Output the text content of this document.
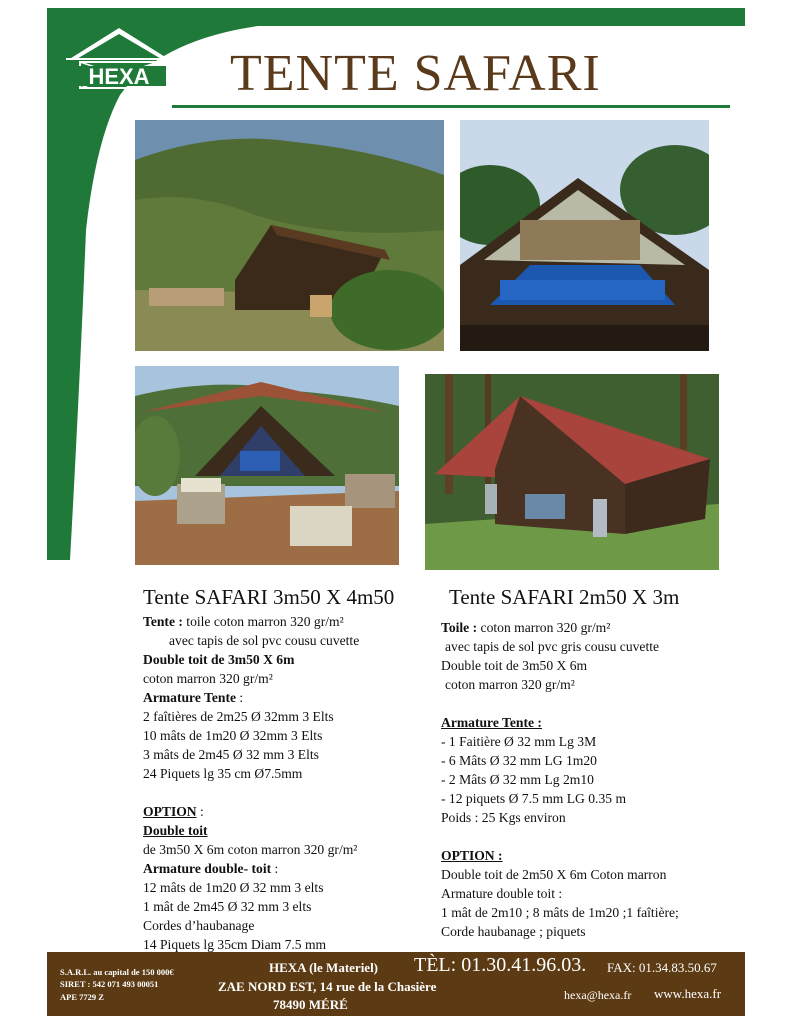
HEXA
LE MATERIEL TENTE SAFARI
Tente SAFARI 3m50 X 4m50	Tente SAFARI 2m50 X 3m
Tente : toile coton marron 320 gr/m²
avec tapis de sol pvc cousu cuvette
Double toit de 3m50 X 6m
coton marron 320 gr/m²
Armature Tente :
2 faîtières de 2m25 Ø 32mm 3 Elts
10 mâts de 1m20 Ø 32mm 3 Elts
3 mâts de 2m45 Ø 32 mm 3 Elts
24 Piquets lg 35 cm Ø7.5mm
OPTION :
Double toit
de 3m50 X 6m coton marron 320 gr/m²
Armature double- toit :
12 mâts de 1m20 Ø 32 mm 3 elts
1 mât de 2m45 Ø 32 mm 3 elts
Cordes d’haubanage
14 Piquets lg 35cm Diam 7.5 mm
Toile : coton marron 320 gr/m²
avec tapis de sol pvc gris cousu cuvette
Double toit de 3m50 X 6m
coton marron 320 gr/m²
Armature Tente :
- 1 Faitière Ø 32 mm Lg 3M
- 6 Mâts Ø 32 mm LG 1m20
- 2 Mâts Ø 32 mm Lg 2m10
- 12 piquets Ø 7.5 mm LG 0.35 m
Poids : 25 Kgs environ
OPTION :
Double toit de 2m50 X 6m Coton marron
Armature double toit :
1 mât de 2m10 ; 8 mâts de 1m20 ;1 faîtière;
Corde haubanage ; piquets
S.A.R.L. au capital de 150 000€
SIRET : 542 071 493 00051
APE 7729 Z
HEXA (le Materiel)
ZAE NORD EST, 14 rue de la Chasière
78490 MÉRÉ
TÈL: 01.30.41.96.03. FAX: 01.34.83.50.67
hexa@hexa.fr www.hexa.fr
